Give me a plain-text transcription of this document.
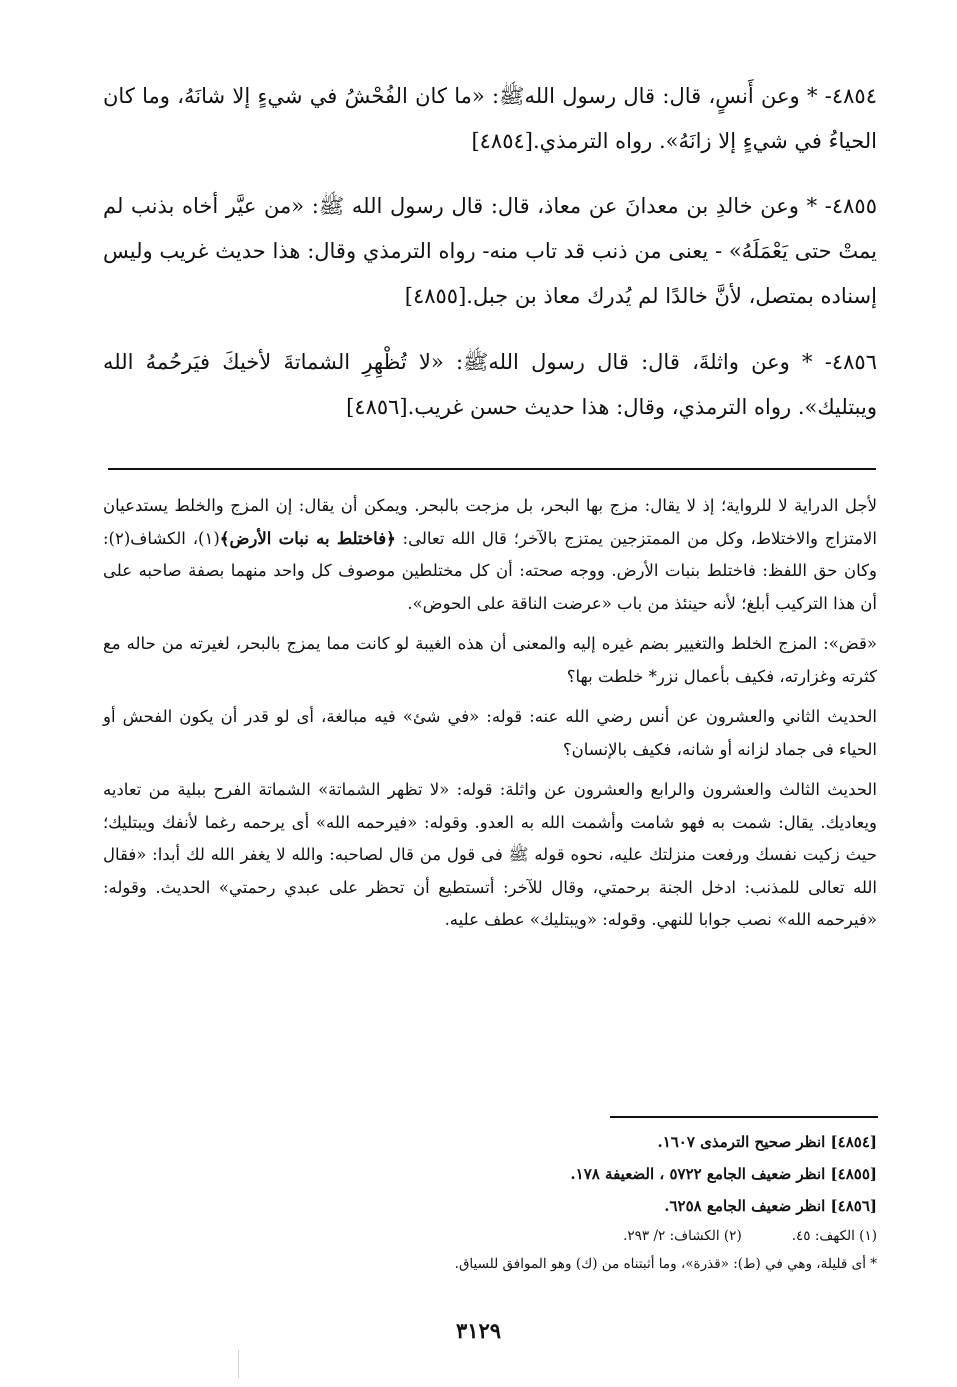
٤٨٥٤- * وعن أَنسٍ، قال: قال رسول اللهﷺ: «ما كان الفُحْشُ في شيءٍ إلا شانَهُ، وما كان الحياءُ في شيءٍ إلا زانَهُ». رواه الترمذي.[٤٨٥٤]

٤٨٥٥- * وعن خالدِ بن معدانَ عن معاذ، قال: قال رسول الله ﷺ: «من عيَّر أخاه بذنب لم يمتْ حتى يَعْمَلَهُ» - يعنى من ذنب قد تاب منه- رواه الترمذي وقال: هذا حديث غريب وليس إسناده بمتصل، لأنَّ خالدًا لم يُدرك معاذ بن جبل.[٤٨٥٥]

٤٨٥٦- * وعن واثلةَ، قال: قال رسول اللهﷺ: «لا تُظْهِرِ الشماتةَ لأخيكَ فيَرحُمهُ الله ويبتليك». رواه الترمذي، وقال: هذا حديث حسن غريب.[٤٨٥٦]

لأجل الدراية لا للرواية؛ إذ لا يقال: مزج بها البحر، بل مزجت بالبحر. ويمكن أن يقال: إن المزج والخلط يستدعيان الامتزاج والاختلاط، وكل من الممتزجين يمتزج بالآخر؛ قال الله تعالى: ﴿فاختلط به نبات الأرض﴾(١)، الكشاف(٢): وكان حق اللفظ: فاختلط بنبات الأرض. ووجه صحته: أن كل مختلطين موصوف كل واحد منهما بصفة صاحبه على أن هذا التركيب أبلغ؛ لأنه حينئذ من باب «عرضت الناقة على الحوض».

«قض»: المزج الخلط والتغيير بضم غيره إليه والمعنى أن هذه الغيبة لو كانت مما يمزج بالبحر، لغيرته من حاله مع كثرته وغزارته، فكيف بأعمال نزر* خلطت بها؟

الحديث الثاني والعشرون عن أنس رضي الله عنه: قوله: «في شئ» فيه مبالغة، أى لو قدر أن يكون الفحش أو الحياء فى جماد لزانه أو شانه، فكيف بالإنسان؟

الحديث الثالث والعشرون والرابع والعشرون عن واثلة: قوله: «لا تظهر الشماتة» الشماتة الفرح ببلية من تعاديه ويعاديك. يقال: شمت به فهو شامت وأشمت الله به العدو. وقوله: «فيرحمه الله» أى يرحمه رغما لأنفك ويبتليك؛ حيث زكيت نفسك ورفعت منزلتك عليه، نحوه قوله ﷺ فى قول من قال لصاحبه: والله لا يغفر الله لك أبدا: «فقال الله تعالى للمذنب: ادخل الجنة برحمتي، وقال للآخر: أتستطيع أن تحظر على عبدي رحمتي» الحديث. وقوله: «فيرحمه الله» نصب جوابا للنهي. وقوله: «ويبتليك» عطف عليه.

[٤٨٥٤] انظر صحيح الترمذى ١٦٠٧.

[٤٨٥٥] انظر ضعيف الجامع ٥٧٢٢ ، الضعيفة ١٧٨.

[٤٨٥٦] انظر ضعيف الجامع ٦٢٥٨.

(١) الكهف: ٤٥.(٢) الكشاف: ٢/ ٢٩٣.

* أى قليلة، وهي في (ط): «قذرة»، وما أثبتناه من (ك) وهو الموافق للسياق.

٣١٢٩
